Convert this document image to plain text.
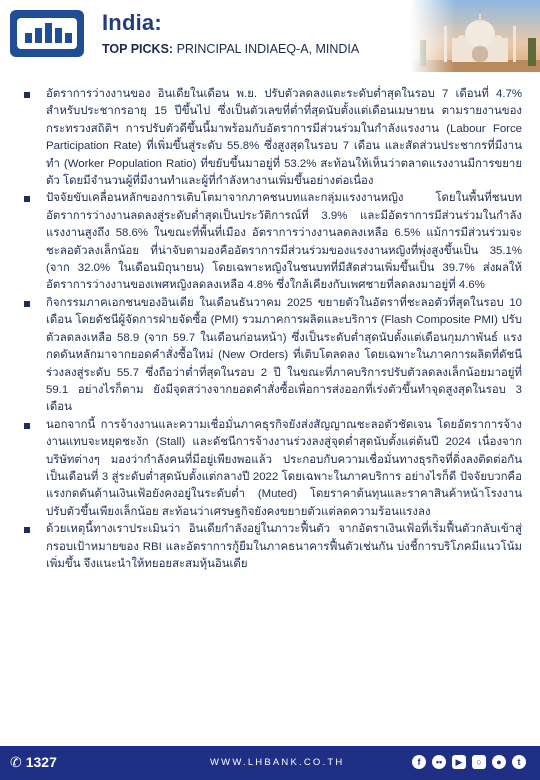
India:
TOP PICKS: PRINCIPAL INDIAEQ-A, MINDIA
อัตราการว่างงานของ อินเดียในเดือน พ.ย. ปรับตัวลดลงแตะระดับต่ำสุดในรอบ 7 เดือนที่ 4.7% สำหรับประชากรอายุ 15 ปีขึ้นไป ซึ่งเป็นตัวเลขที่ต่ำที่สุดนับตั้งแต่เดือนเมษายน ตามรายงานของกระทรวงสถิติฯ การปรับตัวดีขึ้นนี้มาพร้อมกับอัตราการมีส่วนร่วมในกำลังแรงงาน (Labour Force Participation Rate) ที่เพิ่มขึ้นสู่ระดับ 55.8% ซึ่งสูงสุดในรอบ 7 เดือน และสัดส่วนประชากรที่มีงานทำ (Worker Population Ratio) ที่ขยับขึ้นมาอยู่ที่ 53.2% สะท้อนให้เห็นว่าตลาดแรงงานมีการขยายตัว โดยมีจำนวนผู้ที่มีงานทำและผู้ที่กำลังหางานเพิ่มขึ้นอย่างต่อเนื่อง
ปัจจัยขับเคลื่อนหลักของการเติบโตมาจากภาคชนบทและกลุ่มแรงงานหญิง โดยในพื้นที่ชนบท อัตราการว่างงานลดลงสู่ระดับต่ำสุดเป็นประวัติการณ์ที่ 3.9% และมีอัตราการมีส่วนร่วมในกำลังแรงงานสูงถึง 58.6% ในขณะที่พื้นที่เมือง อัตราการว่างงานลดลงเหลือ 6.5% แม้การมีส่วนร่วมจะชะลอตัวลงเล็กน้อย ที่น่าจับตามองคืออัตราการมีส่วนร่วมของแรงงานหญิงที่พุ่งสูงขึ้นเป็น 35.1% (จาก 32.0% ในเดือนมิถุนายน) โดยเฉพาะหญิงในชนบทที่มีสัดส่วนเพิ่มขึ้นเป็น 39.7% ส่งผลให้อัตราการว่างงานของเพศหญิงลดลงเหลือ 4.8% ซึ่งใกล้เคียงกับเพศชายที่ลดลงมาอยู่ที่ 4.6%
กิจกรรมภาคเอกชนของอินเดีย ในเดือนธันวาคม 2025 ขยายตัวในอัตราที่ชะลอตัวที่สุดในรอบ 10 เดือน โดยดัชนีผู้จัดการฝ่ายจัดซื้อ (PMI) รวมภาคการผลิตและบริการ (Flash Composite PMI) ปรับตัวลดลงเหลือ 58.9 (จาก 59.7 ในเดือนก่อนหน้า) ซึ่งเป็นระดับต่ำสุดนับตั้งแต่เดือนกุมภาพันธ์ แรงกดดันหลักมาจากยอดคำสั่งซื้อใหม่ (New Orders) ที่เติบโตลดลง โดยเฉพาะในภาคการผลิตที่ดัชนีร่วงลงสู่ระดับ 55.7 ซึ่งถือว่าต่ำที่สุดในรอบ 2 ปี ในขณะที่ภาคบริการปรับตัวลดลงเล็กน้อยมาอยู่ที่ 59.1 อย่างไรก็ตาม ยังมีจุดสว่างจากยอดคำสั่งซื้อเพื่อการส่งออกที่เร่งตัวขึ้นทำจุดสูงสุดในรอบ 3 เดือน
นอกจากนี้ การจ้างงานและความเชื่อมั่นภาคธุรกิจยังส่งสัญญาณชะลอตัวชัดเจน โดยอัตราการจ้างงานแทบจะหยุดชะงัก (Stall) และดัชนีการจ้างงานร่วงลงสู่จุดต่ำสุดนับตั้งแต่ต้นปี 2024 เนื่องจากบริษัทต่างๆ มองว่ากำลังคนที่มีอยู่เพียงพอแล้ว ประกอบกับความเชื่อมั่นทางธุรกิจที่ดิ่งลงติดต่อกันเป็นเดือนที่ 3 สู่ระดับต่ำสุดนับตั้งแต่กลางปี 2022 โดยเฉพาะในภาคบริการ อย่างไรก็ดี ปัจจัยบวกคือแรงกดดันด้านเงินเฟ้อยังคงอยู่ในระดับต่ำ (Muted) โดยราคาต้นทุนและราคาสินค้าหน้าโรงงานปรับตัวขึ้นเพียงเล็กน้อย สะท้อนว่าเศรษฐกิจยังคงขยายตัวแต่ลดความร้อนแรงลง
ด้วยเหตุนี้ทางเราประเมินว่า อินเดียกำลังอยู่ในภาวะฟื้นตัว จากอัตราเงินเฟ้อที่เริ่มฟื้นตัวกลับเข้าสู่กรอบเป้าหมายของ RBI และอัตราการกู้ยืมในภาคธนาคารฟื้นตัวเช่นกัน บ่งชี้การบริโภคมีแนวโน้มเพิ่มขึ้น จึงแนะนำให้ทยอยสะสมหุ้นอินเดีย
✆ 1327	WWW.LHBANK.CO.TH	f	••	▶	○	●	t
